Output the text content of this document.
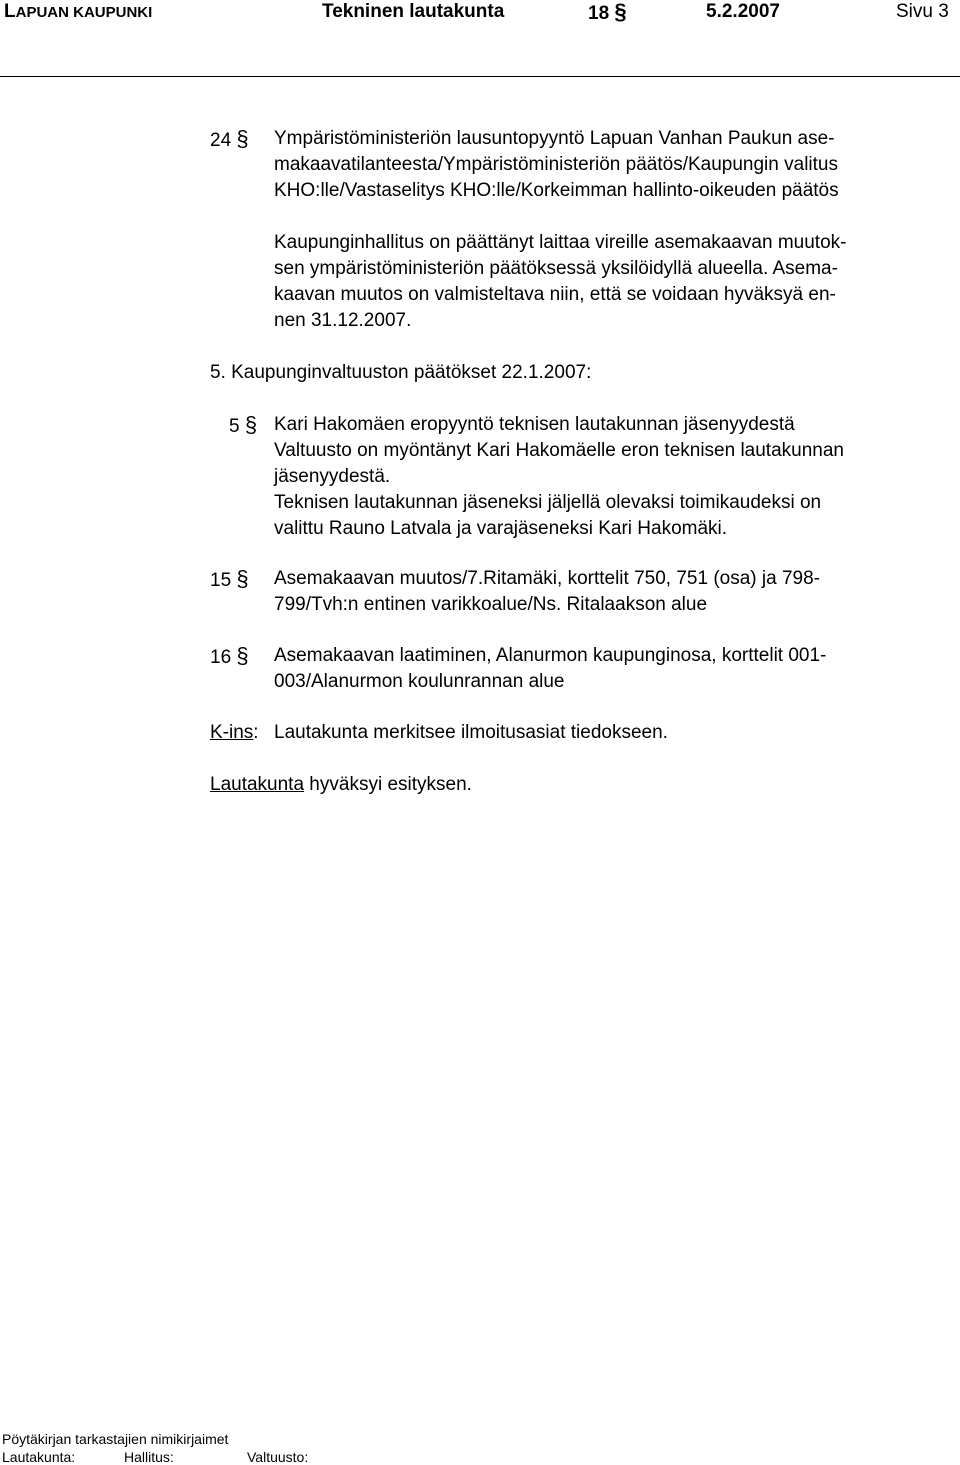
LAPUAN KAUPUNKI	Tekninen lautakunta	18 §	5.2.2007	Sivu 3
24 § Ympäristöministeriön lausuntopyyntö Lapuan Vanhan Paukun ase-
makaavatilanteesta/Ympäristöministeriön päätös/Kaupungin valitus
KHO:lle/Vastaselitys KHO:lle/Korkeimman hallinto-oikeuden päätös
Kaupunginhallitus on päättänyt laittaa vireille asemakaavan muutok-
sen ympäristöministeriön päätöksessä yksilöidyllä alueella. Asema-
kaavan muutos on valmisteltava niin, että se voidaan hyväksyä en-
nen 31.12.2007.
5. Kaupunginvaltuuston päätökset 22.1.2007:
5 § Kari Hakomäen eropyyntö teknisen lautakunnan jäsenyydestä
Valtuusto on myöntänyt Kari Hakomäelle eron teknisen lautakunnan
jäsenyydestä.
Teknisen lautakunnan jäseneksi jäljellä olevaksi toimikaudeksi on
valittu Rauno Latvala ja varajäseneksi Kari Hakomäki.
15 § Asemakaavan muutos/7.Ritamäki, korttelit 750, 751 (osa) ja 798-
799/Tvh:n entinen varikkoalue/Ns. Ritalaakson alue
16 § Asemakaavan laatiminen, Alanurmon kaupunginosa, korttelit 001-
003/Alanurmon koulunrannan alue
K-ins: Lautakunta merkitsee ilmoitusasiat tiedokseen.
Lautakunta hyväksyi esityksen.
Pöytäkirjan tarkastajien nimikirjaimet
Lautakunta:	Hallitus:	Valtuusto:
